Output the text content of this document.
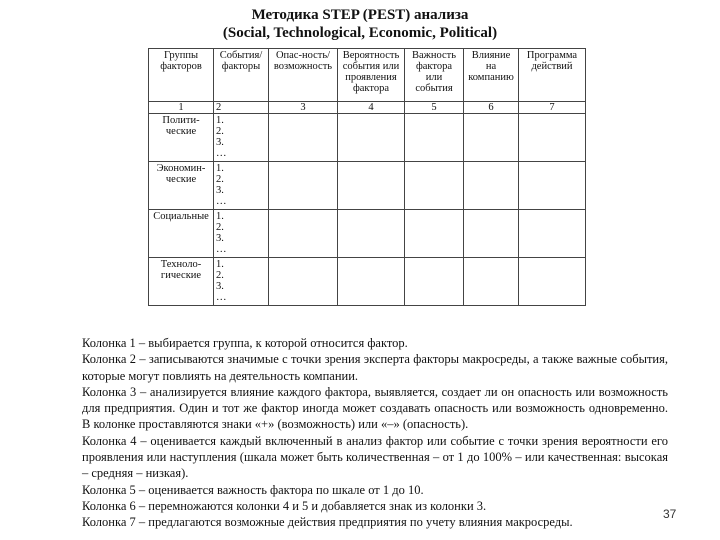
Методика STEP (PEST) анализа
(Social, Technological, Economic, Political)
Группы факторов	События/ факторы	Опас-ность/ возможность	Вероятность события или проявления фактора	Важность фактора или события	Влияние на компанию	Программа действий
1	2	3	4	5	6	7
Полити-ческие	1.
2.
3.
…					

Экономин-ческие	1.
2.
3.
…					

Социальные	1.
2.
3.
…					

Техноло-гические	1.
2.
3.
…					

Колонка 1 – выбирается группа, к которой относится фактор.

Колонка 2 – записываются значимые с точки зрения эксперта факторы макросреды, а также важные события, которые могут повлиять на деятельность компании.

Колонка 3 – анализируется влияние каждого фактора, выявляется, создает ли он опасность или возможность для предприятия. Один и тот же фактор иногда может создавать опасность или возможность одновременно. В колонке проставляются знаки «+» (возможность) или «–» (опасность).

Колонка 4 – оценивается каждый включенный в анализ фактор или событие с точки зрения вероятности его проявления или наступления (шкала может быть количественная – от 1 до 100% – или качественная: высокая – средняя – низкая).

Колонка 5 – оценивается важность фактора по шкале от 1 до 10.

Колонка 6 – перемножаются колонки 4 и 5 и добавляется знак из колонки 3.

Колонка 7 – предлагаются возможные действия предприятия по учету влияния макросреды.

37
